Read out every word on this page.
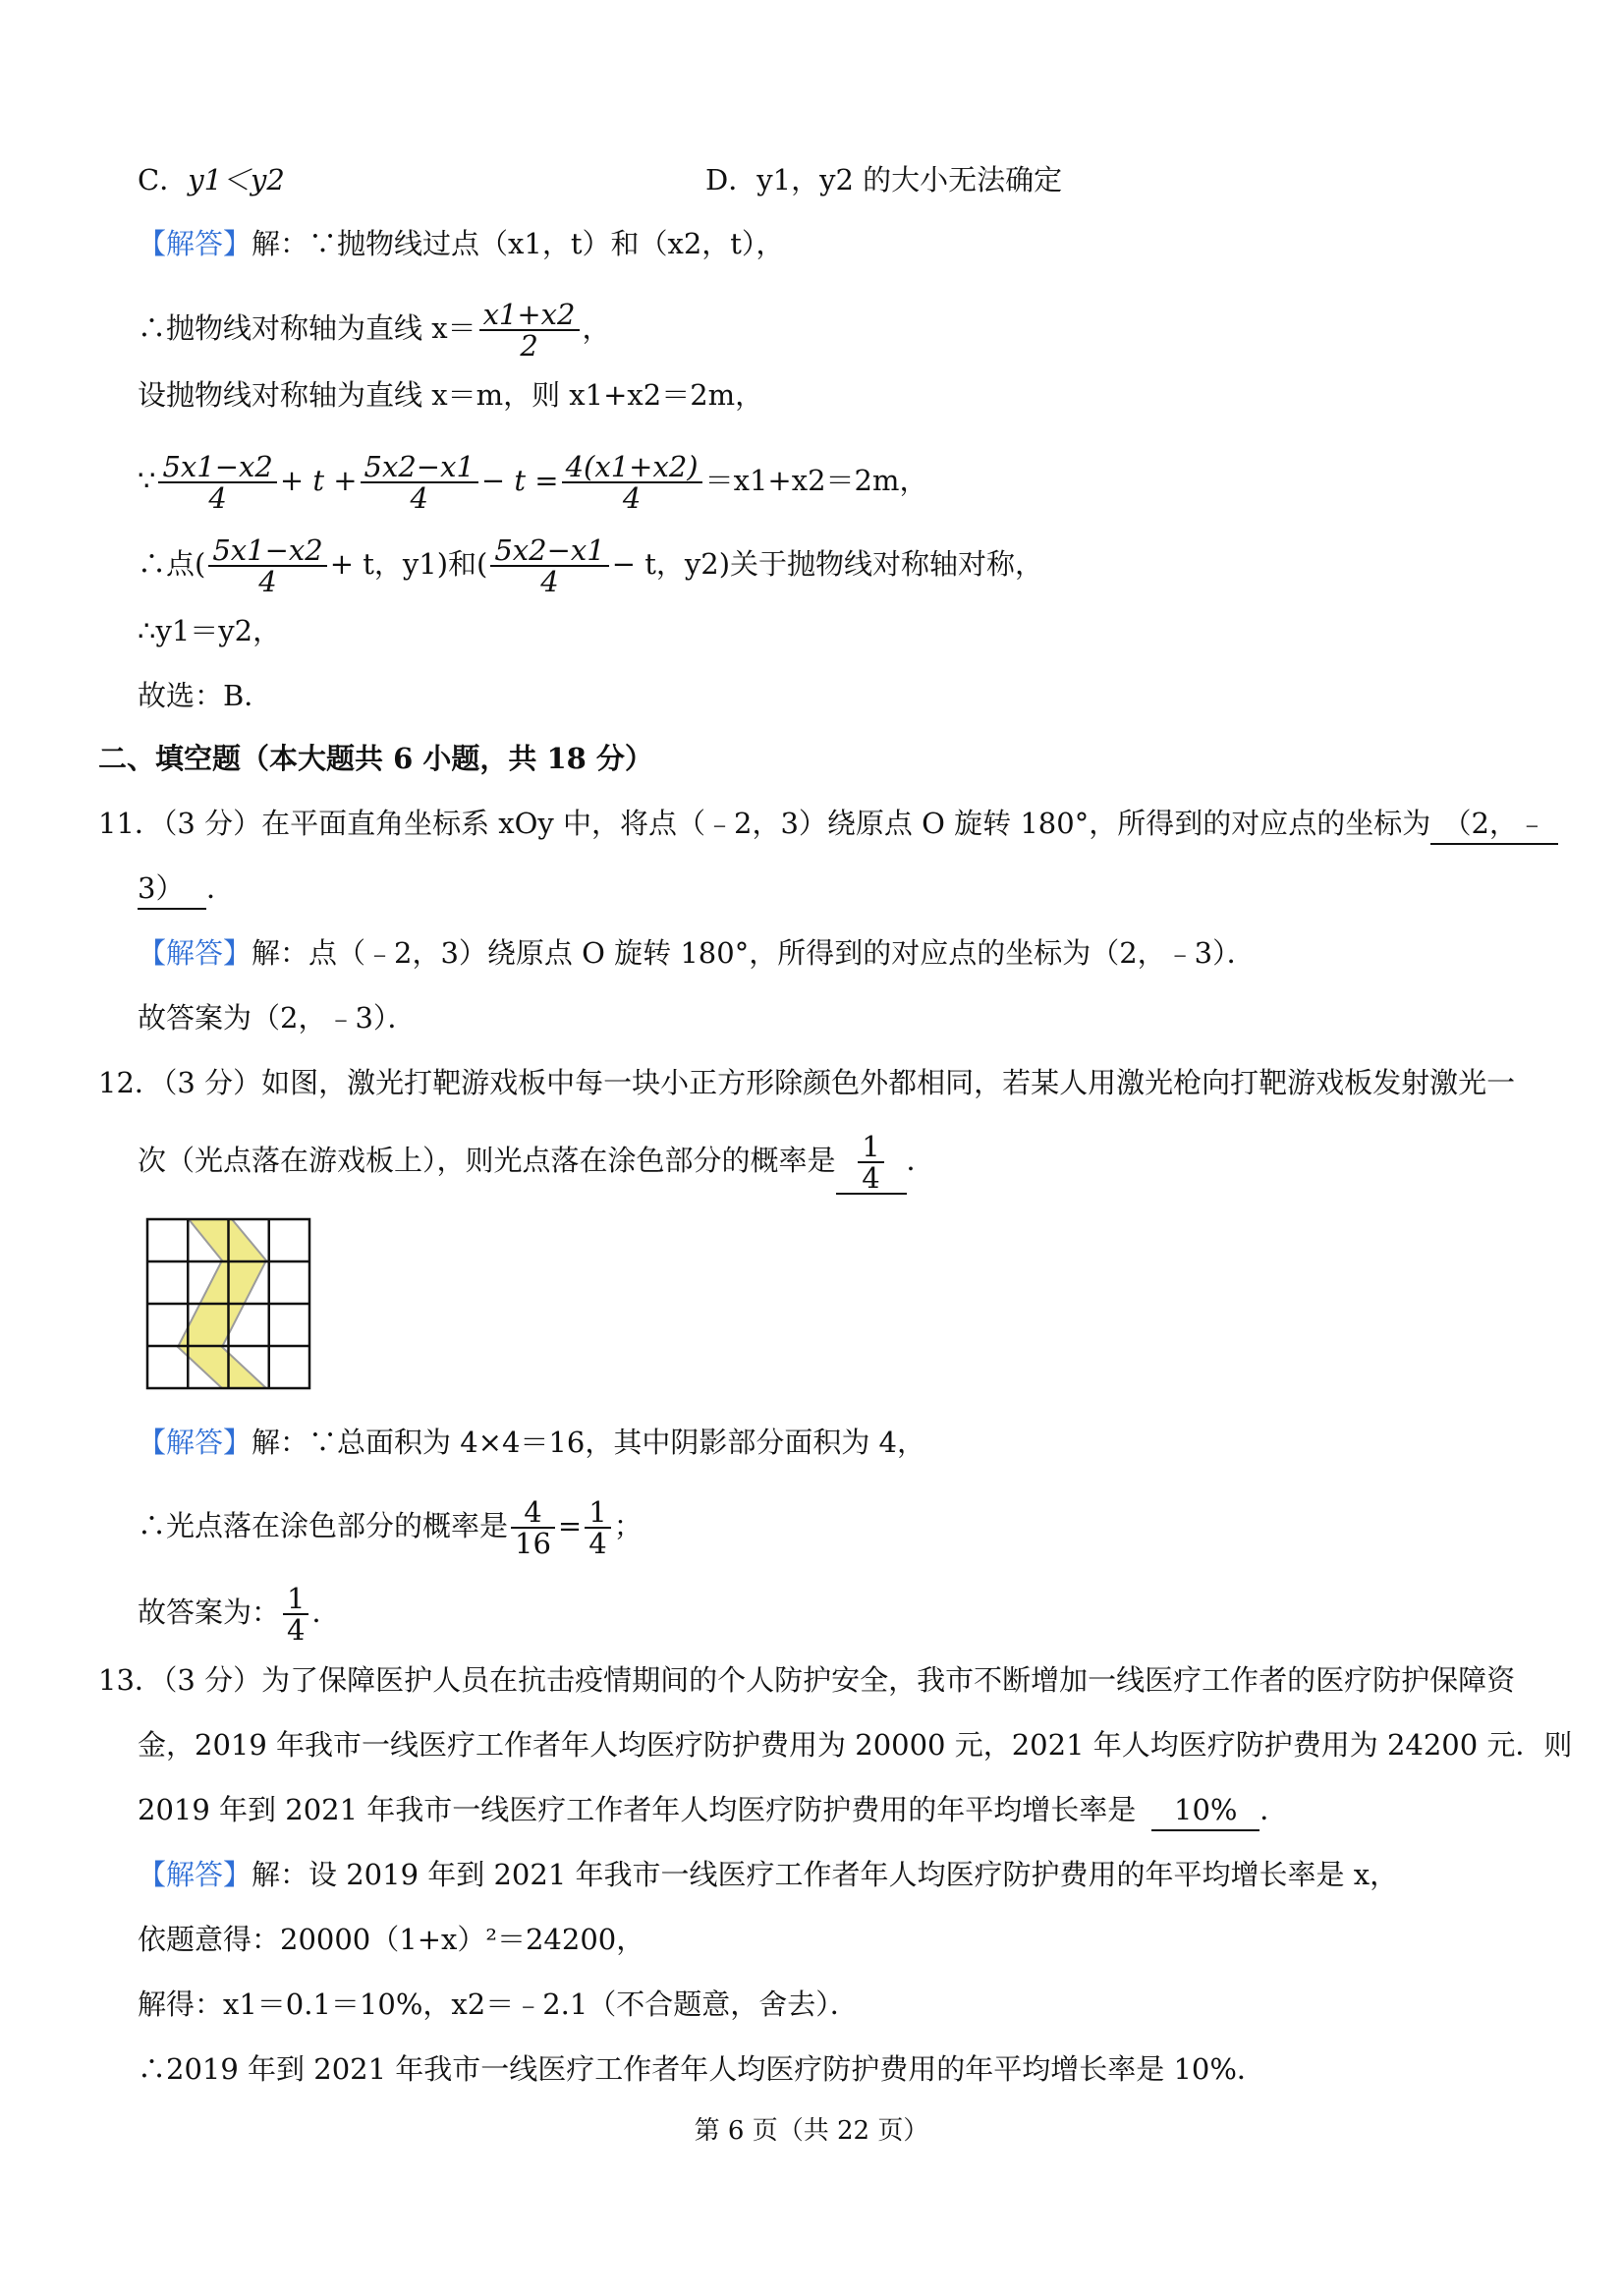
C．y1＜y2	D．y1，y2 的大小无法确定
【解答】解：∵抛物线过点（x1，t）和（x2，t），
∴抛物线对称轴为直线 $x= \frac{x1+x2}{2}$ ，
设抛物线对称轴为直线 x＝m，则 x1+x2＝2m，
∵ $\frac{5x1-x2}{4} + t + \frac{5x2-x1}{4} - t = \frac{4(x1+x2)}{4} =x1+x2=2m$，
∴点( $\frac{5x1-x2}{4} + t$，y1)和( $\frac{5x2-x1}{4} - t$，y2)关于抛物线对称轴对称，
∴y1＝y2，
故选：B．
二、填空题（本大题共 6 小题，共 18 分）
11．（3 分）在平面直角坐标系 xOy 中，将点（﹣2，3）绕原点 O 旋转 180°，所得到的对应点的坐标为 （2，﹣
3） ．
【解答】解：点（﹣2，3）绕原点 O 旋转 180°，所得到的对应点的坐标为（2，﹣3）．
故答案为（2，﹣3）．
12．（3 分）如图，激光打靶游戏板中每一块小正方形除颜色外都相同，若某人用激光枪向打靶游戏板发射激光一
次（光点落在游戏板上），则光点落在涂色部分的概率是 $\frac{1}{4}$ ．
【解答】解：∵总面积为 4×4＝16，其中阴影部分面积为 4，
∴光点落在涂色部分的概率是 $\frac{4}{16} = \frac{1}{4}$ ；
故答案为： $\frac{1}{4}$ ．
13．（3 分）为了保障医护人员在抗击疫情期间的个人防护安全，我市不断增加一线医疗工作者的医疗防护保障资
金，2019 年我市一线医疗工作者年人均医疗防护费用为 20000 元，2021 年人均医疗防护费用为 24200 元．则
2019 年到 2021 年我市一线医疗工作者年人均医疗防护费用的年平均增长率是 10% ．
【解答】解：设 2019 年到 2021 年我市一线医疗工作者年人均医疗防护费用的年平均增长率是 x，
依题意得：20000（1+x）²＝24200，
解得：x1＝0.1＝10%，x2＝﹣2.1（不合题意，舍去）．
∴2019 年到 2021 年我市一线医疗工作者年人均医疗防护费用的年平均增长率是 10%．
第 6 页（共 22 页）
